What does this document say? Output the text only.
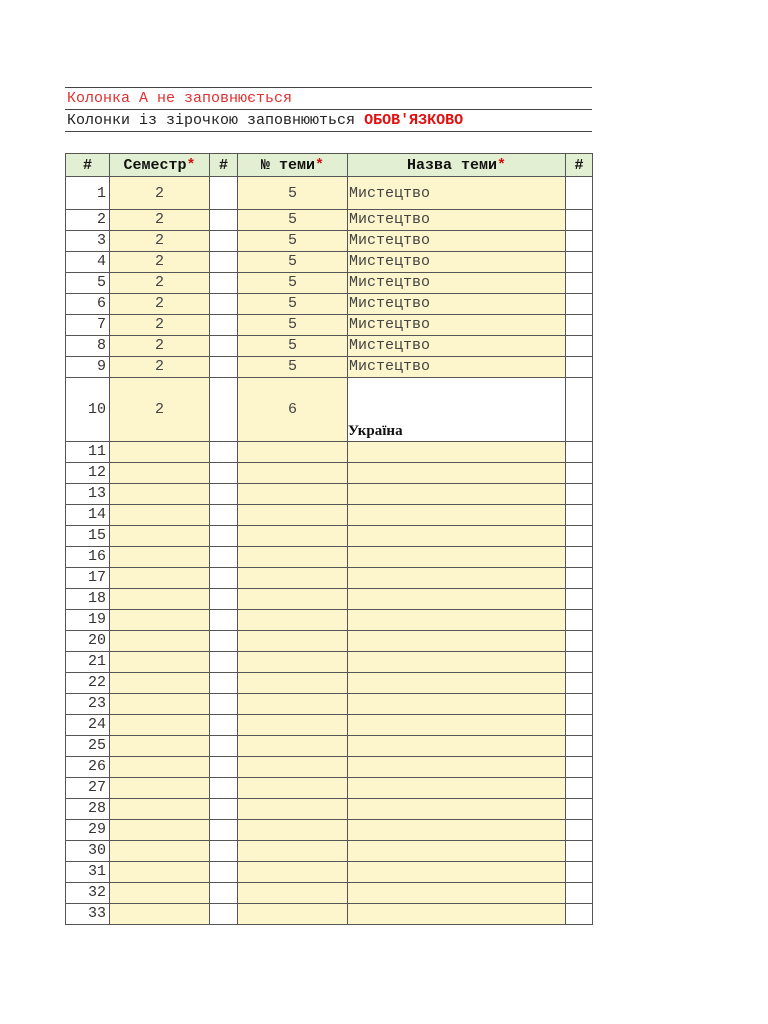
Колонка А не заповнюється
Колонки із зірочкою заповнюються ОБОВ'ЯЗКОВО
#	Семестр*	#	№ теми*	Назва теми*	#
1	2		5	Мистецтво	
2	2		5	Мистецтво	
3	2		5	Мистецтво	
4	2		5	Мистецтво	
5	2		5	Мистецтво	
6	2		5	Мистецтво	
7	2		5	Мистецтво	
8	2		5	Мистецтво	
9	2		5	Мистецтво	
10	2		6	Україна	
11					
12					
13					
14					
15					
16					
17					
18					
19					
20					
21					
22					
23					
24					
25					
26					
27					
28					
29					
30					
31					
32					
33					
